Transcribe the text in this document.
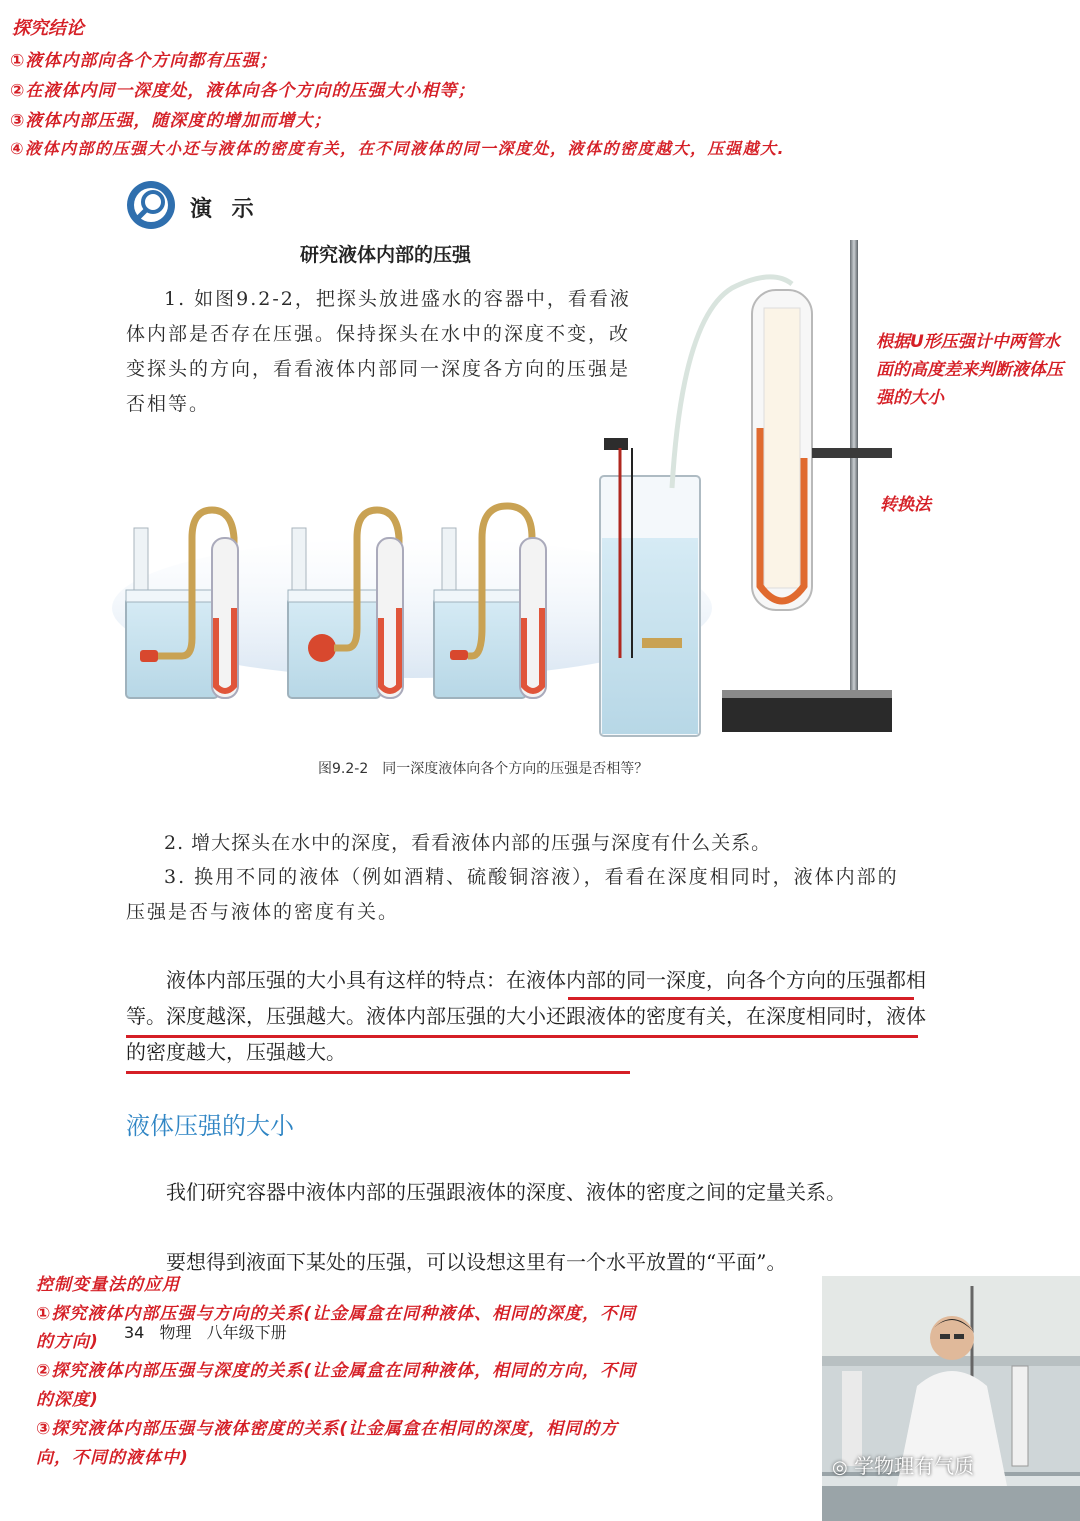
探究结论
①液体内部向各个方向都有压强；
②在液体内同一深度处，液体向各个方向的压强大小相等；
③液体内部压强，随深度的增加而增大；
④液体内部的压强大小还与液体的密度有关，在不同液体的同一深度处，液体的密度越大，压强越大.
演 示
研究液体内部的压强
1. 如图9.2-2，把探头放进盛水的容器中，看看液体内部是否存在压强。保持探头在水中的深度不变，改变探头的方向，看看液体内部同一深度各方向的压强是否相等。
根据U形压强计中两管水面的高度差来判断液体压强的大小
转换法
图9.2-2　同一深度液体向各个方向的压强是否相等？
2. 增大探头在水中的深度，看看液体内部的压强与深度有什么关系。
3. 换用不同的液体（例如酒精、硫酸铜溶液），看看在深度相同时，液体内部的压强是否与液体的密度有关。
液体内部压强的大小具有这样的特点：在液体内部的同一深度，向各个方向的压强都相等。深度越深，压强越大。液体内部压强的大小还跟液体的密度有关，在深度相同时，液体的密度越大，压强越大。
液体压强的大小
我们研究容器中液体内部的压强跟液体的深度、液体的密度之间的定量关系。
要想得到液面下某处的压强，可以设想这里有一个水平放置的“平面”。
34 物理 八年级下册
控制变量法的应用
①探究液体内部压强与方向的关系(让金属盒在同种液体、相同的深度，不同
的方向)
②探究液体内部压强与深度的关系(让金属盒在同种液体，相同的方向，不同
的深度)
③探究液体内部压强与液体密度的关系(让金属盒在相同的深度，相同的方
向，不同的液体中)	◎ 学物理有气质
